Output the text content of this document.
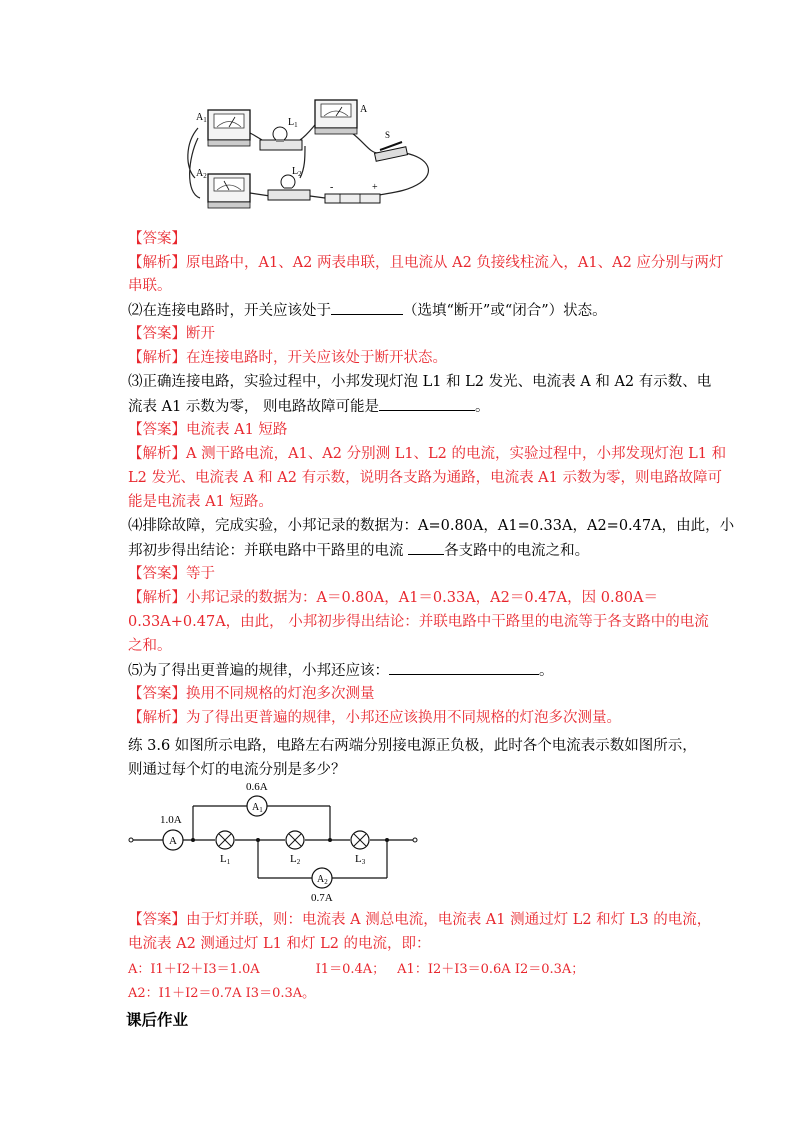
$A_1$	$L_1$
A
S
$A_2$	$L_2$
-	+
【答案】
【解析】原电路中，A1、A2 两表串联，且电流从 A2 负接线柱流入，A1、A2 应分别与两灯
串联。
⑵在连接电路时，开关应该处于	（选填“断开”或“闭合”）状态。
【答案】断开
【解析】在连接电路时，开关应该处于断开状态。
⑶正确连接电路，实验过程中，小邦发现灯泡 L1 和 L2 发光、电流表 A 和 A2 有示数、电
流表 A1 示数为零， 则电路故障可能是	。
【答案】电流表 A1 短路
【解析】A 测干路电流，A1、A2 分别测 L1、L2 的电流，实验过程中，小邦发现灯泡 L1 和
L2 发光、电流表 A 和 A2 有示数，说明各支路为通路，电流表 A1 示数为零，则电路故障可
能是电流表 A1 短路。
⑷排除故障，完成实验，小邦记录的数据为：A=0.80A，A1=0.33A，A2=0.47A，由此，小
邦初步得出结论：并联电路中干路里的电流	各支路中的电流之和。
【答案】等于
【解析】小邦记录的数据为：A＝0.80A，A1＝0.33A，A2＝0.47A，因 0.80A＝
0.33A+0.47A，由此， 小邦初步得出结论：并联电路中干路里的电流等于各支路中的电流
之和。
⑸为了得出更普遍的规律，小邦还应该：	。
【答案】换用不同规格的灯泡多次测量
【解析】为了得出更普遍的规律，小邦还应该换用不同规格的灯泡多次测量。
练 3.6 如图所示电路，电路左右两端分别接电源正负极，此时各个电流表示数如图所示，
则通过每个灯的电流分别是多少？
A
1.0A
$A_1$
0.6A
$A_2$
0.7A
L1	L2	L3
【答案】由于灯并联，则：电流表 A 测总电流，电流表 A1 测通过灯 L2 和灯 L3 的电流，
电流表 A2 测通过灯 L1 和灯 L2 的电流，即：
A：I1＋I2＋I3＝1.0A	I1＝0.4A； A1：I2＋I3＝0.6A I2＝0.3A；
A2：I1＋I2＝0.7A I3＝0.3A。
课后作业
